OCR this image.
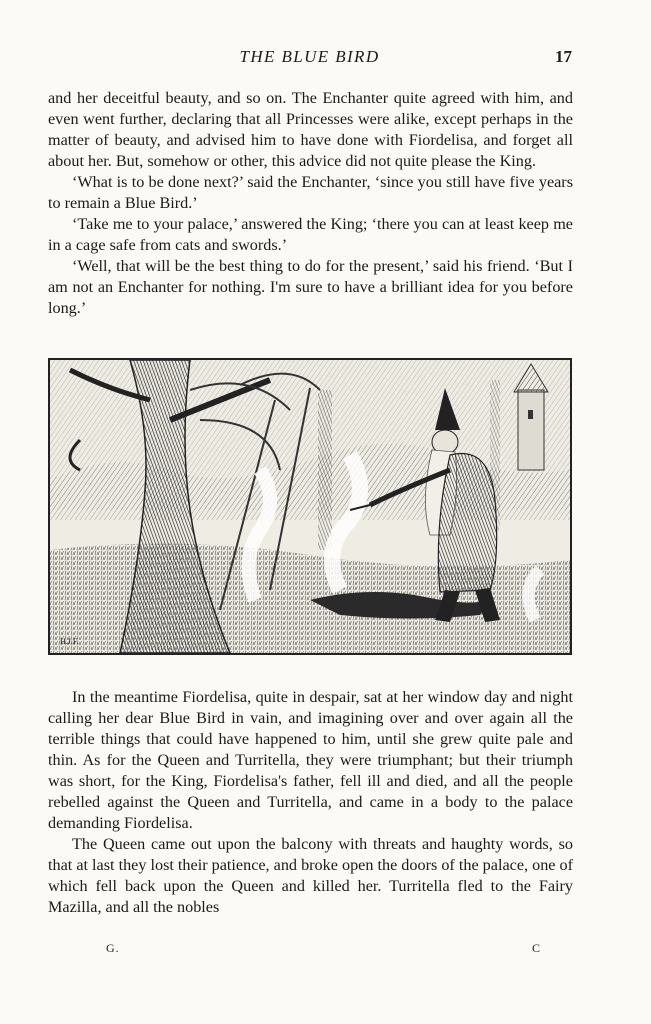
THE BLUE BIRD	17

and her deceitful beauty, and so on. The Enchanter quite agreed with him, and even went further, declaring that all Princesses were alike, except perhaps in the matter of beauty, and advised him to have done with Fiordelisa, and forget all about her. But, somehow or other, this advice did not quite please the King.

‘What is to be done next?’ said the Enchanter, ‘since you still have five years to remain a Blue Bird.’

‘Take me to your palace,’ answered the King; ‘there you can at least keep me in a cage safe from cats and swords.’

‘Well, that will be the best thing to do for the present,’ said his friend. ‘But I am not an Enchanter for nothing. I'm sure to have a brilliant idea for you before long.’

H.J.F.

In the meantime Fiordelisa, quite in despair, sat at her window day and night calling her dear Blue Bird in vain, and imagining over and over again all the terrible things that could have happened to him, until she grew quite pale and thin. As for the Queen and Turritella, they were triumphant; but their triumph was short, for the King, Fiordelisa's father, fell ill and died, and all the people rebelled against the Queen and Turritella, and came in a body to the palace demanding Fiordelisa.

The Queen came out upon the balcony with threats and haughty words, so that at last they lost their patience, and broke open the doors of the palace, one of which fell back upon the Queen and killed her. Turritella fled to the Fairy Mazilla, and all the nobles

G.	C
